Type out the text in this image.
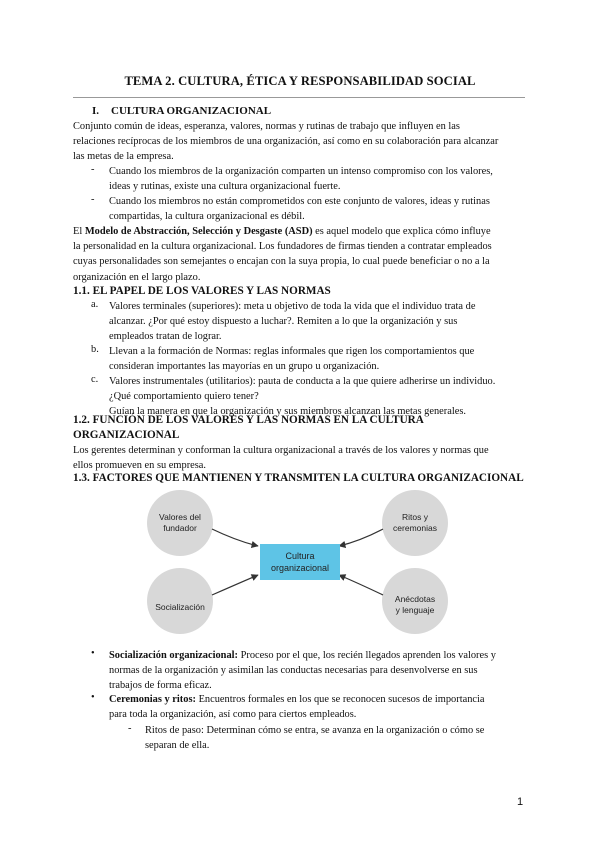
TEMA 2. CULTURA, ÉTICA Y RESPONSABILIDAD SOCIAL
I. CULTURA ORGANIZACIONAL
Conjunto común de ideas, esperanza, valores, normas y rutinas de trabajo que influyen en las
relaciones recíprocas de los miembros de una organización, así como en su colaboración para alcanzar
las metas de la empresa.
- Cuando los miembros de la organización comparten un intenso compromiso con los valores,
ideas y rutinas, existe una cultura organizacional fuerte.
- Cuando los miembros no están comprometidos con este conjunto de valores, ideas y rutinas
compartidas, la cultura organizacional es débil.
El Modelo de Abstracción, Selección y Desgaste (ASD) es aquel modelo que explica cómo influye
la personalidad en la cultura organizacional. Los fundadores de firmas tienden a contratar empleados
cuyas personalidades son semejantes o encajan con la suya propia, lo cual puede beneficiar o no a la
organización en el largo plazo.
1.1. EL PAPEL DE LOS VALORES Y LAS NORMAS
a. Valores terminales (superiores): meta u objetivo de toda la vida que el individuo trata de
alcanzar. ¿Por qué estoy dispuesto a luchar?. Remiten a lo que la organización y sus
empleados tratan de lograr.
b. Llevan a la formación de Normas: reglas informales que rigen los comportamientos que
consideran importantes las mayorías en un grupo u organización.
c. Valores instrumentales (utilitarios): pauta de conducta a la que quiere adherirse un individuo.
¿Qué comportamiento quiero tener?
Guían la manera en que la organización y sus miembros alcanzan las metas generales.
1.2. FUNCIÓN DE LOS VALORES Y LAS NORMAS EN LA CULTURA
ORGANIZACIONAL
Los gerentes determinan y conforman la cultura organizacional a través de los valores y normas que
ellos promueven en su empresa.
1.3. FACTORES QUE MANTIENEN Y TRANSMITEN LA CULTURA ORGANIZACIONAL
Cultura
organizacional
Valores del
fundador
Ritos y
ceremonias
Socialización
Anécdotas
y lenguaje
• Socialización organizacional: Proceso por el que, los recién llegados aprenden los valores y
normas de la organización y asimilan las conductas necesarias para desenvolverse en sus
trabajos de forma eficaz.
• Ceremonias y ritos: Encuentros formales en los que se reconocen sucesos de importancia
para toda la organización, así como para ciertos empleados.
- Ritos de paso: Determinan cómo se entra, se avanza en la organización o cómo se
separan de ella.
1
